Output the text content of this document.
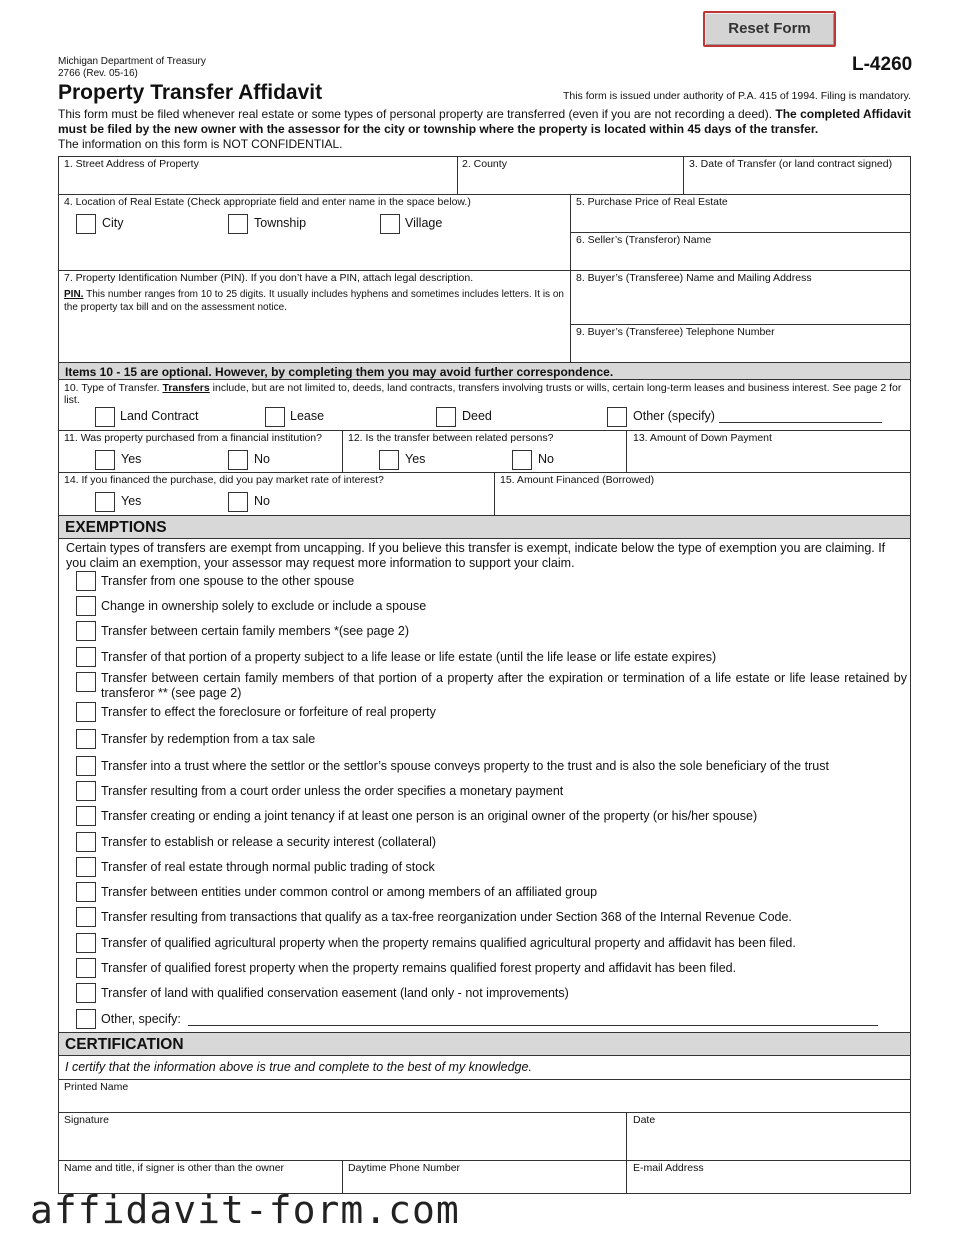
Reset Form
Michigan Department of Treasury
2766 (Rev. 05-16)	L-4260
Property Transfer Affidavit	This form is issued under authority of P.A. 415 of 1994. Filing is mandatory.
This form must be filed whenever real estate or some types of personal property are transferred (even if you are not recording a deed). The completed Affidavit must be filed by the new owner with the assessor for the city or township where the property is located within 45 days of the transfer.
The information on this form is NOT CONFIDENTIAL.
1. Street Address of Property	2. County	3. Date of Transfer (or land contract signed)
4. Location of Real Estate (Check appropriate field and enter name in the space below.)
City	Township	Village
5. Purchase Price of Real Estate
6. Seller’s (Transferor) Name
7. Property Identification Number (PIN). If you don’t have a PIN, attach legal description.
PIN. This number ranges from 10 to 25 digits. It usually includes hyphens and sometimes includes letters. It is on the property tax bill and on the assessment notice.
8. Buyer’s (Transferee) Name and Mailing Address
9. Buyer’s (Transferee) Telephone Number
Items 10 - 15 are optional. However, by completing them you may avoid further correspondence.
10. Type of Transfer. Transfers include, but are not limited to, deeds, land contracts, transfers involving trusts or wills, certain long-term leases and business interest. See page 2 for list.
Land Contract	Lease	Deed	Other (specify)
11. Was property purchased from a financial institution?
Yes	No
12. Is the transfer between related persons?
Yes	No
13. Amount of Down Payment
14. If you financed the purchase, did you pay market rate of interest?
Yes	No
15. Amount Financed (Borrowed)
EXEMPTIONS
Certain types of transfers are exempt from uncapping. If you believe this transfer is exempt, indicate below the type of exemption you are claiming. If you claim an exemption, your assessor may request more information to support your claim.
Transfer from one spouse to the other spouse
Change in ownership solely to exclude or include a spouse
Transfer between certain family members *(see page 2)
Transfer of that portion of a property subject to a life lease or life estate (until the life lease or life estate expires)
Transfer between certain family members of that portion of a property after the expiration or termination of a life estate or life lease retained by transferor ** (see page 2)
Transfer to effect the foreclosure or forfeiture of real property
Transfer by redemption from a tax sale
Transfer into a trust where the settlor or the settlor’s spouse conveys property to the trust and is also the sole beneficiary of the trust
Transfer resulting from a court order unless the order specifies a monetary payment
Transfer creating or ending a joint tenancy if at least one person is an original owner of the property (or his/her spouse)
Transfer to establish or release a security interest (collateral)
Transfer of real estate through normal public trading of stock
Transfer between entities under common control or among members of an affiliated group
Transfer resulting from transactions that qualify as a tax-free reorganization under Section 368 of the Internal Revenue Code.
Transfer of qualified agricultural property when the property remains qualified agricultural property and affidavit has been filed.
Transfer of qualified forest property when the property remains qualified forest property and affidavit has been filed.
Transfer of land with qualified conservation easement (land only - not improvements)
Other, specify:
CERTIFICATION
I certify that the information above is true and complete to the best of my knowledge.
Printed Name
Signature	Date
Name and title, if signer is other than the owner	Daytime Phone Number	E-mail Address
affidavit-form.com
